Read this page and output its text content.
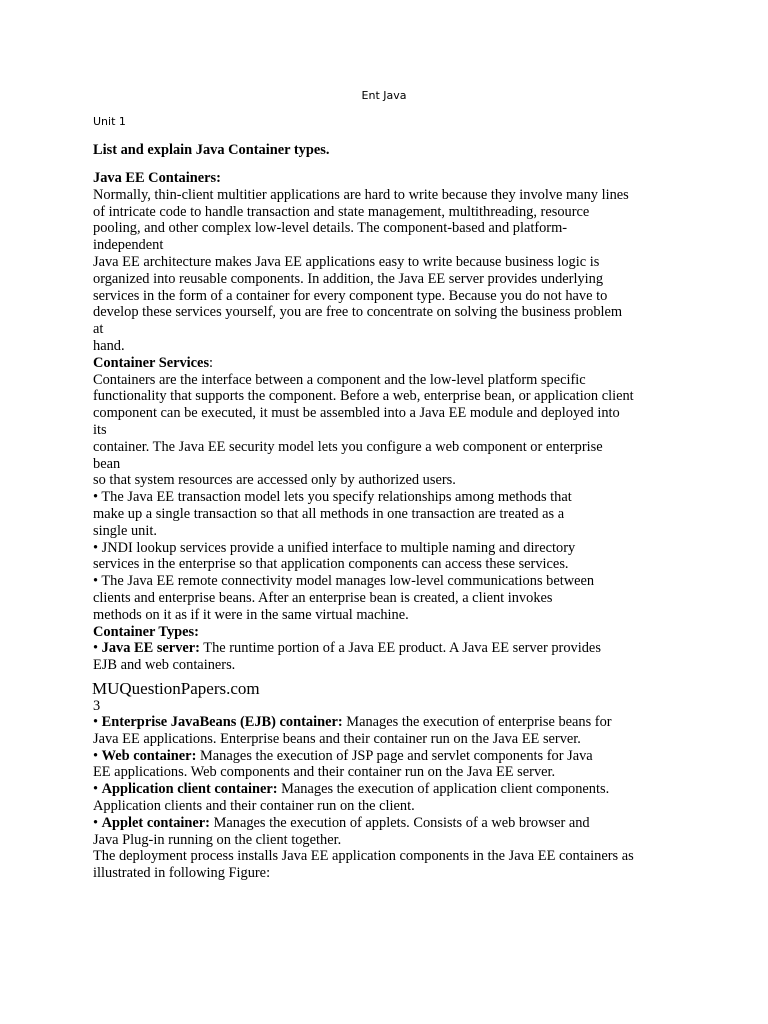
Ent Java
Unit 1
List and explain Java Container types.

Java EE Containers:

Normally, thin-client multitier applications are hard to write because they involve many lines

of intricate code to handle transaction and state management, multithreading, resource

pooling, and other complex low-level details. The component-based and platform-

independent

Java EE architecture makes Java EE applications easy to write because business logic is

organized into reusable components. In addition, the Java EE server provides underlying

services in the form of a container for every component type. Because you do not have to

develop these services yourself, you are free to concentrate on solving the business problem

at

hand.

Container Services:

Containers are the interface between a component and the low-level platform specific

functionality that supports the component. Before a web, enterprise bean, or application client

component can be executed, it must be assembled into a Java EE module and deployed into

its

container. The Java EE security model lets you configure a web component or enterprise

bean

so that system resources are accessed only by authorized users.

• The Java EE transaction model lets you specify relationships among methods that

make up a single transaction so that all methods in one transaction are treated as a

single unit.

• JNDI lookup services provide a unified interface to multiple naming and directory

services in the enterprise so that application components can access these services.

• The Java EE remote connectivity model manages low-level communications between

clients and enterprise beans. After an enterprise bean is created, a client invokes

methods on it as if it were in the same virtual machine.

Container Types:

• Java EE server: The runtime portion of a Java EE product. A Java EE server provides

EJB and web containers.

MUQuestionPapers.com
3

• Enterprise JavaBeans (EJB) container: Manages the execution of enterprise beans for

Java EE applications. Enterprise beans and their container run on the Java EE server.

• Web container: Manages the execution of JSP page and servlet components for Java

EE applications. Web components and their container run on the Java EE server.

• Application client container: Manages the execution of application client components.

Application clients and their container run on the client.

• Applet container: Manages the execution of applets. Consists of a web browser and

Java Plug-in running on the client together.

The deployment process installs Java EE application components in the Java EE containers as

illustrated in following Figure:
